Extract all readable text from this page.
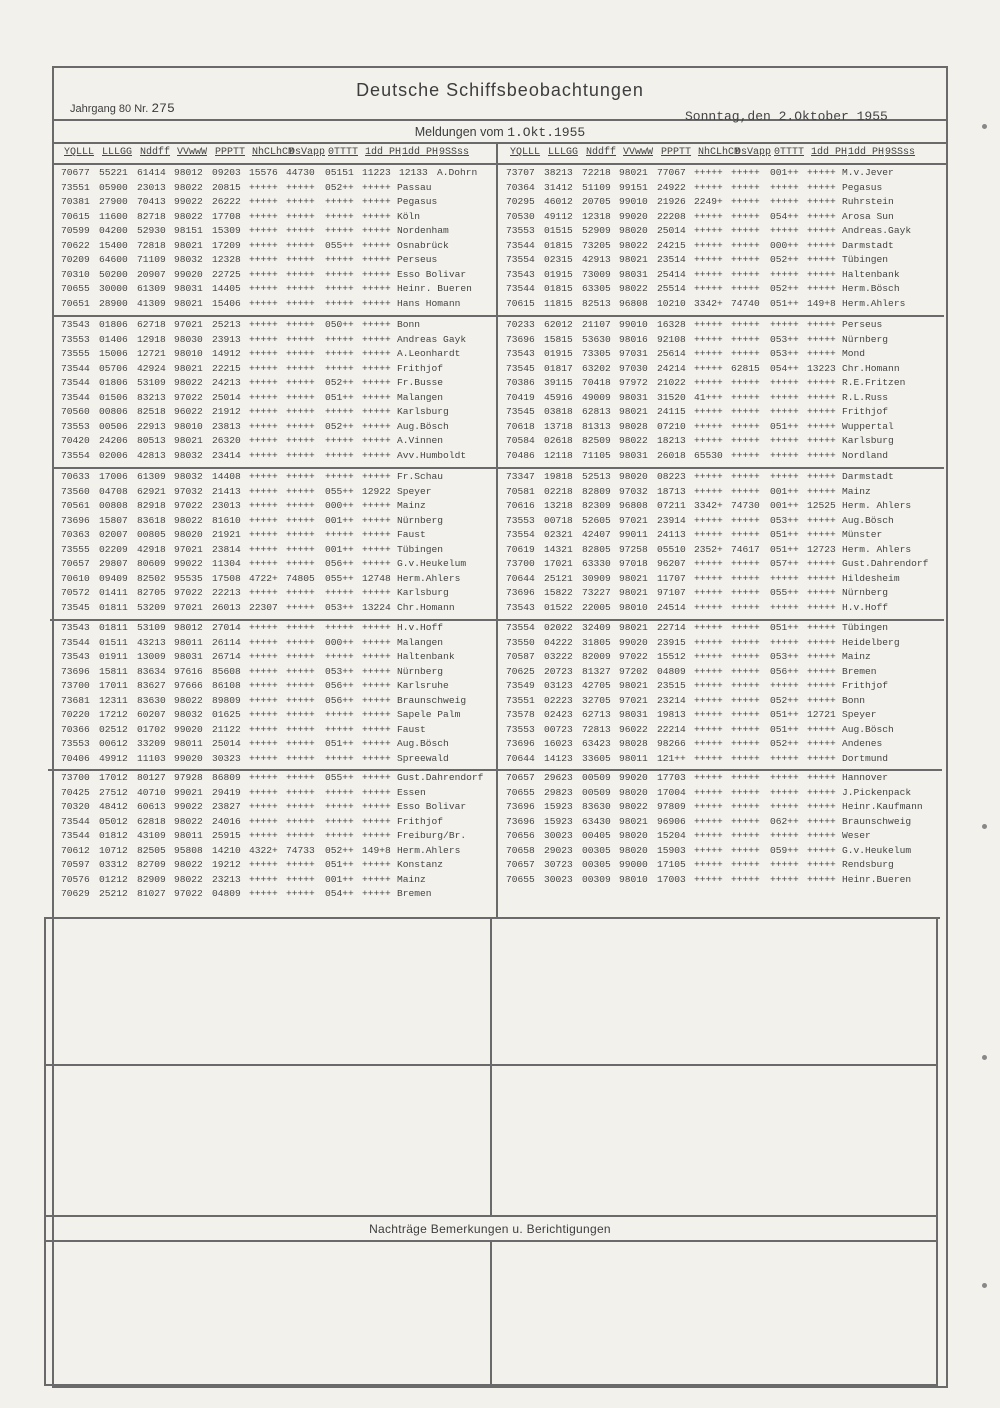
Deutsche Schiffsbeobachtungen
Jahrgang 80 Nr. 275
Sonntag,den 2.Oktober 1955
Meldungen vom 1.Okt.1955
YQLLL LLLGG Nddff VVwwW PPPTT NhCLhCM
DsVapp 0TTTT 1dd PH 1dd PH 9SSss	YQLLL LLLGG Nddff VVwwW PPPTT NhCLhCM
DsVapp 0TTTT 1dd PH 1dd PH 9SSss
70677 55221 61414 98012 09203 15576 44730 05151 11223 12133 A.Dohrn
73551 05900 23013 98022 20815 +++++ +++++ 052++ +++++ Passau
70381 27900 70413 99022 26222 +++++ +++++ +++++ +++++ Pegasus
70615 11600 82718 98022 17708 +++++ +++++ +++++ +++++ Köln
70599 04200 52930 98151 15309 +++++ +++++ +++++ +++++ Nordenham
70622 15400 72818 98021 17209 +++++ +++++ 055++ +++++ Osnabrück
70209 64600 71109 98032 12328 +++++ +++++ +++++ +++++ Perseus
70310 50200 20907 99020 22725 +++++ +++++ +++++ +++++ Esso Bolivar
70655 30000 61309 98031 14405 +++++ +++++ +++++ +++++ Heinr. Bueren
70651 28900 41309 98021 15406 +++++ +++++ +++++ +++++ Hans Homann
73707 38213 72218 98021 77067 +++++ +++++ 001++ +++++ M.v.Jever
70364 31412 51109 99151 24922 +++++ +++++ +++++ +++++ Pegasus
70295 46012 20705 99010 21926 2249+ +++++ +++++ +++++ Ruhrstein
70530 49112 12318 99020 22208 +++++ +++++ 054++ +++++ Arosa Sun
73553 01515 52909 98020 25014 +++++ +++++ +++++ +++++ Andreas.Gayk
73544 01815 73205 98022 24215 +++++ +++++ 000++ +++++ Darmstadt
73554 02315 42913 98021 23514 +++++ +++++ 052++ +++++ Tübingen
73543 01915 73009 98031 25414 +++++ +++++ +++++ +++++ Haltenbank
73544 01815 63305 98022 25514 +++++ +++++ 052++ +++++ Herm.Bösch
70615 11815 82513 96808 10210 3342+ 74740 051++ 149+8 Herm.Ahlers
73543 01806 62718 97021 25213 +++++ +++++ 050++ +++++ Bonn
73553 01406 12918 98030 23913 +++++ +++++ +++++ +++++ Andreas Gayk
73555 15006 12721 98010 14912 +++++ +++++ +++++ +++++ A.Leonhardt
73544 05706 42924 98021 22215 +++++ +++++ +++++ +++++ Frithjof
73544 01806 53109 98022 24213 +++++ +++++ 052++ +++++ Fr.Busse
73544 01506 83213 97022 25014 +++++ +++++ 051++ +++++ Malangen
70560 00806 82518 96022 21912 +++++ +++++ +++++ +++++ Karlsburg
73553 00506 22913 98010 23813 +++++ +++++ 052++ +++++ Aug.Bösch
70420 24206 80513 98021 26320 +++++ +++++ +++++ +++++ A.Vinnen
73554 02006 42813 98032 23414 +++++ +++++ +++++ +++++ Avv.Humboldt
70233 62012 21107 99010 16328 +++++ +++++ +++++ +++++ Perseus
73696 15815 53630 98016 92108 +++++ +++++ 053++ +++++ Nürnberg
73543 01915 73305 97031 25614 +++++ +++++ 053++ +++++ Mond
73545 01817 63202 97030 24214 +++++ 62815 054++ 13223 Chr.Homann
70386 39115 70418 97972 21022 +++++ +++++ +++++ +++++ R.E.Fritzen
70419 45916 49009 98031 31520 41+++ +++++ +++++ +++++ R.L.Russ
73545 03818 62813 98021 24115 +++++ +++++ +++++ +++++ Frithjof
70618 13718 81313 98028 07210 +++++ +++++ 051++ +++++ Wuppertal
70584 02618 82509 98022 18213 +++++ +++++ +++++ +++++ Karlsburg
70486 12118 71105 98031 26018 65530 +++++ +++++ +++++ Nordland
70633 17006 61309 98032 14408 +++++ +++++ +++++ +++++ Fr.Schau
73560 04708 62921 97032 21413 +++++ +++++ 055++ 12922 Speyer
70561 00808 82918 97022 23013 +++++ +++++ 000++ +++++ Mainz
73696 15807 83618 98022 81610 +++++ +++++ 001++ +++++ Nürnberg
70363 02007 00805 98020 21921 +++++ +++++ +++++ +++++ Faust
73555 02209 42918 97021 23814 +++++ +++++ 001++ +++++ Tübingen
70657 29807 80609 99022 11304 +++++ +++++ 056++ +++++ G.v.Heukelum
70610 09409 82502 95535 17508 4722+ 74805 055++ 12748 Herm.Ahlers
70572 01411 82705 97022 22213 +++++ +++++ +++++ +++++ Karlsburg
73545 01811 53209 97021 26013 22307 +++++ 053++ 13224 Chr.Homann
73347 19818 52513 98020 08223 +++++ +++++ +++++ +++++ Darmstadt
70581 02218 82809 97032 18713 +++++ +++++ 001++ +++++ Mainz
70616 13218 82309 96808 07211 3342+ 74730 001++ 12525 Herm. Ahlers
73553 00718 52605 97021 23914 +++++ +++++ 053++ +++++ Aug.Bösch
73554 02321 42407 99011 24113 +++++ +++++ 051++ +++++ Münster
70619 14321 82805 97258 05510 2352+ 74617 051++ 12723 Herm. Ahlers
73700 17021 63330 97018 96207 +++++ +++++ 057++ +++++ Gust.Dahrendorf
70644 25121 30909 98021 11707 +++++ +++++ +++++ +++++ Hildesheim
73696 15822 73227 98021 97107 +++++ +++++ 055++ +++++ Nürnberg
73543 01522 22005 98010 24514 +++++ +++++ +++++ +++++ H.v.Hoff
73543 01811 53109 98012 27014 +++++ +++++ +++++ +++++ H.v.Hoff
73544 01511 43213 98011 26114 +++++ +++++ 000++ +++++ Malangen
73543 01911 13009 98031 26714 +++++ +++++ +++++ +++++ Haltenbank
73696 15811 83634 97616 85608 +++++ +++++ 053++ +++++ Nürnberg
73700 17011 83627 97666 86108 +++++ +++++ 056++ +++++ Karlsruhe
73681 12311 83630 98022 89809 +++++ +++++ 056++ +++++ Braunschweig
70220 17212 60207 98032 01625 +++++ +++++ +++++ +++++ Sapele Palm
70366 02512 01702 99020 21122 +++++ +++++ +++++ +++++ Faust
73553 00612 33209 98011 25014 +++++ +++++ 051++ +++++ Aug.Bösch
70406 49912 11103 99020 30323 +++++ +++++ +++++ +++++ Spreewald
73554 02022 32409 98021 22714 +++++ +++++ 051++ +++++ Tübingen
73550 04222 31805 99020 23915 +++++ +++++ +++++ +++++ Heidelberg
70587 03222 82009 97022 15512 +++++ +++++ 053++ +++++ Mainz
70625 20723 81327 97202 04809 +++++ +++++ 056++ +++++ Bremen
73549 03123 42705 98021 23515 +++++ +++++ +++++ +++++ Frithjof
73551 02223 32705 97021 23214 +++++ +++++ 052++ +++++ Bonn
73578 02423 62713 98031 19813 +++++ +++++ 051++ 12721 Speyer
73553 00723 72813 96022 22214 +++++ +++++ 051++ +++++ Aug.Bösch
73696 16023 63423 98028 98266 +++++ +++++ 052++ +++++ Andenes
70644 14123 33605 98011 121++ +++++ +++++ +++++ +++++ Dortmund
73700 17012 80127 97928 86809 +++++ +++++ 055++ +++++ Gust.Dahrendorf
70425 27512 40710 99021 29419 +++++ +++++ +++++ +++++ Essen
70320 48412 60613 99022 23827 +++++ +++++ +++++ +++++ Esso Bolivar
73544 05012 62818 98022 24016 +++++ +++++ +++++ +++++ Frithjof
73544 01812 43109 98011 25915 +++++ +++++ +++++ +++++ Freiburg/Br.
70612 10712 82505 95808 14210 4322+ 74733 052++ 149+8 Herm.Ahlers
70597 03312 82709 98022 19212 +++++ +++++ 051++ +++++ Konstanz
70576 01212 82909 98022 23213 +++++ +++++ 001++ +++++ Mainz
70629 25212 81027 97022 04809 +++++ +++++ 054++ +++++ Bremen
70657 29623 00509 99020 17703 +++++ +++++ +++++ +++++ Hannover
70655 29823 00509 98020 17004 +++++ +++++ +++++ +++++ J.Pickenpack
73696 15923 83630 98022 97809 +++++ +++++ +++++ +++++ Heinr.Kaufmann
73696 15923 63430 98021 96906 +++++ +++++ 062++ +++++ Braunschweig
70656 30023 00405 98020 15204 +++++ +++++ +++++ +++++ Weser
70658 29023 00305 98020 15903 +++++ +++++ 059++ +++++ G.v.Heukelum
70657 30723 00305 99000 17105 +++++ +++++ +++++ +++++ Rendsburg
70655 30023 00309 98010 17003 +++++ +++++ +++++ +++++ Heinr.Bueren
Nachträge Bemerkungen u. Berichtigungen
